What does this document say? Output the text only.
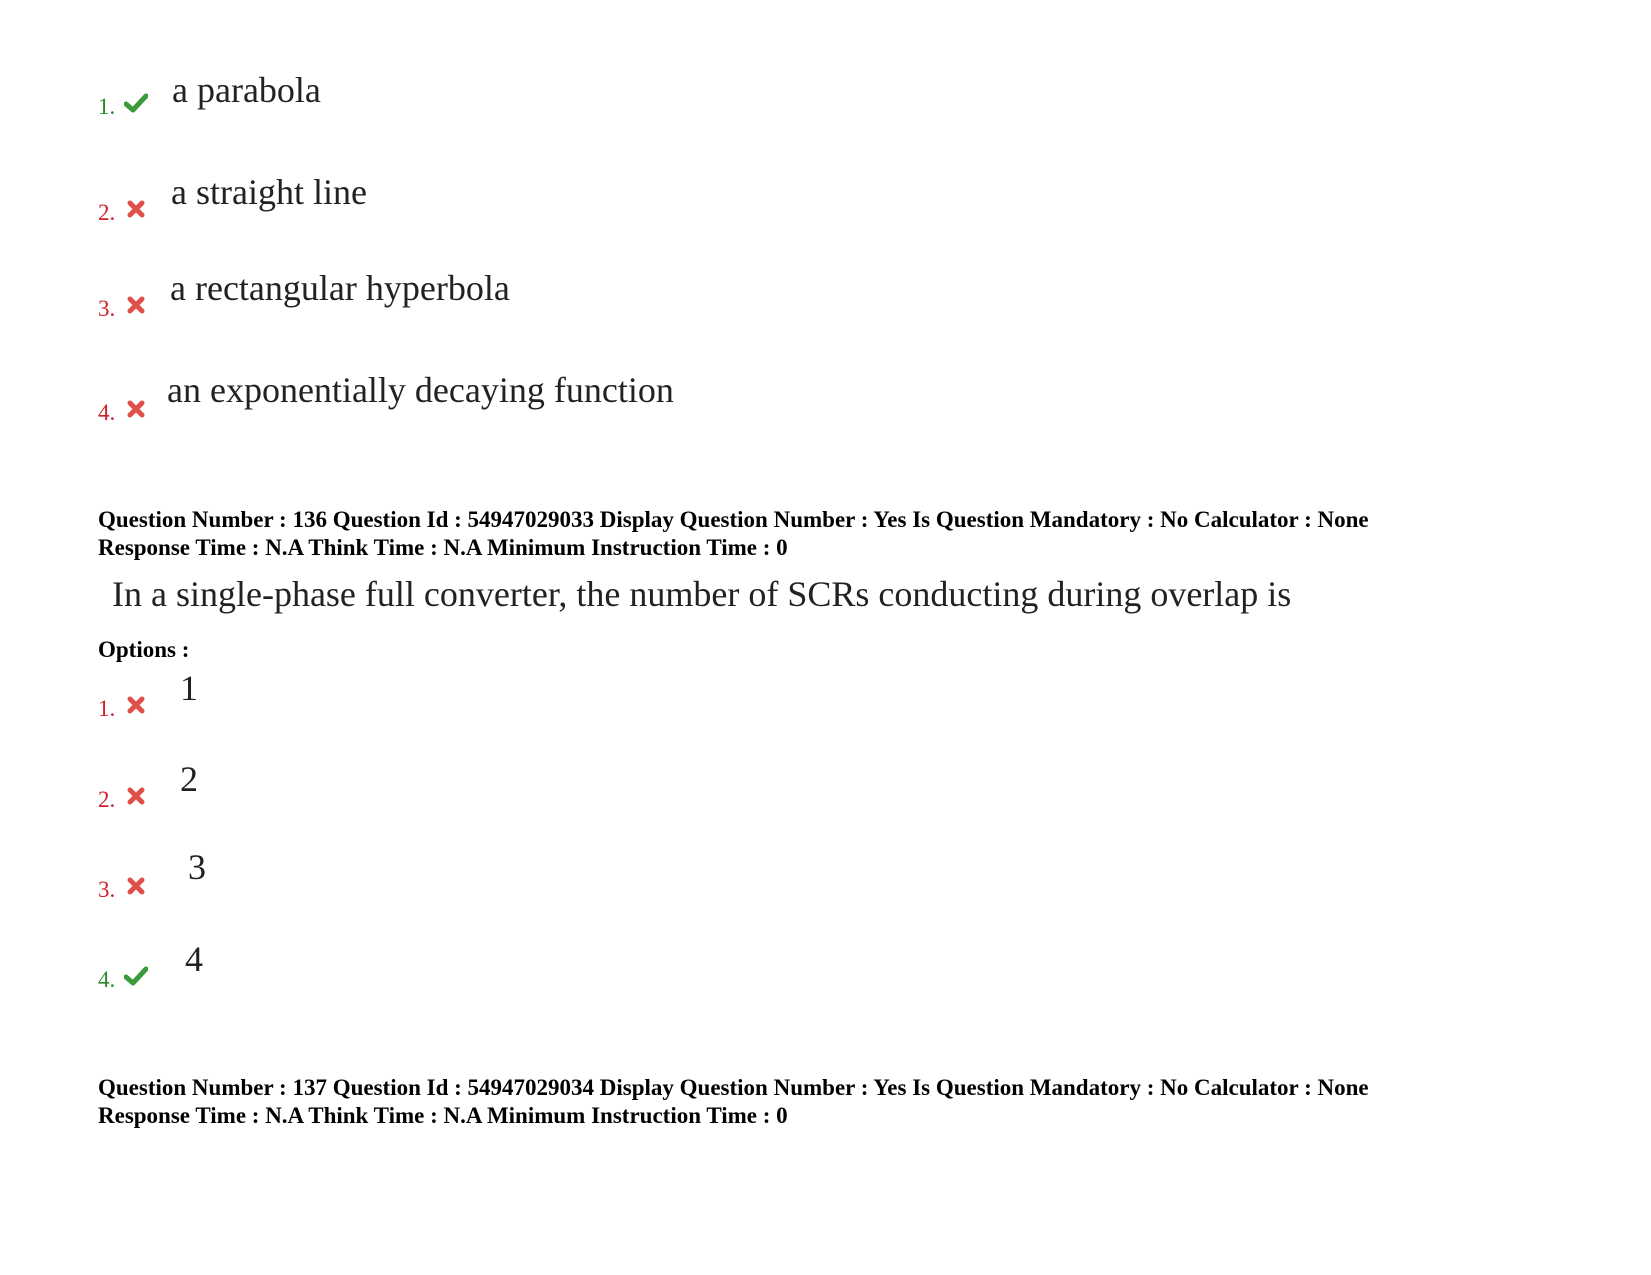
1. a parabola
2.
a straight line
3.
a rectangular hyperbola
4.
an exponentially decaying function
Question Number : 136 Question Id : 54947029033 Display Question Number : Yes Is Question Mandatory : No Calculator : None
Response Time : N.A Think Time : N.A Minimum Instruction Time : 0
In a single-phase full converter, the number of SCRs conducting during overlap is
Options :
1.
1
2.
2
3.
3
4.
4
Question Number : 137 Question Id : 54947029034 Display Question Number : Yes Is Question Mandatory : No Calculator : None
Response Time : N.A Think Time : N.A Minimum Instruction Time : 0
